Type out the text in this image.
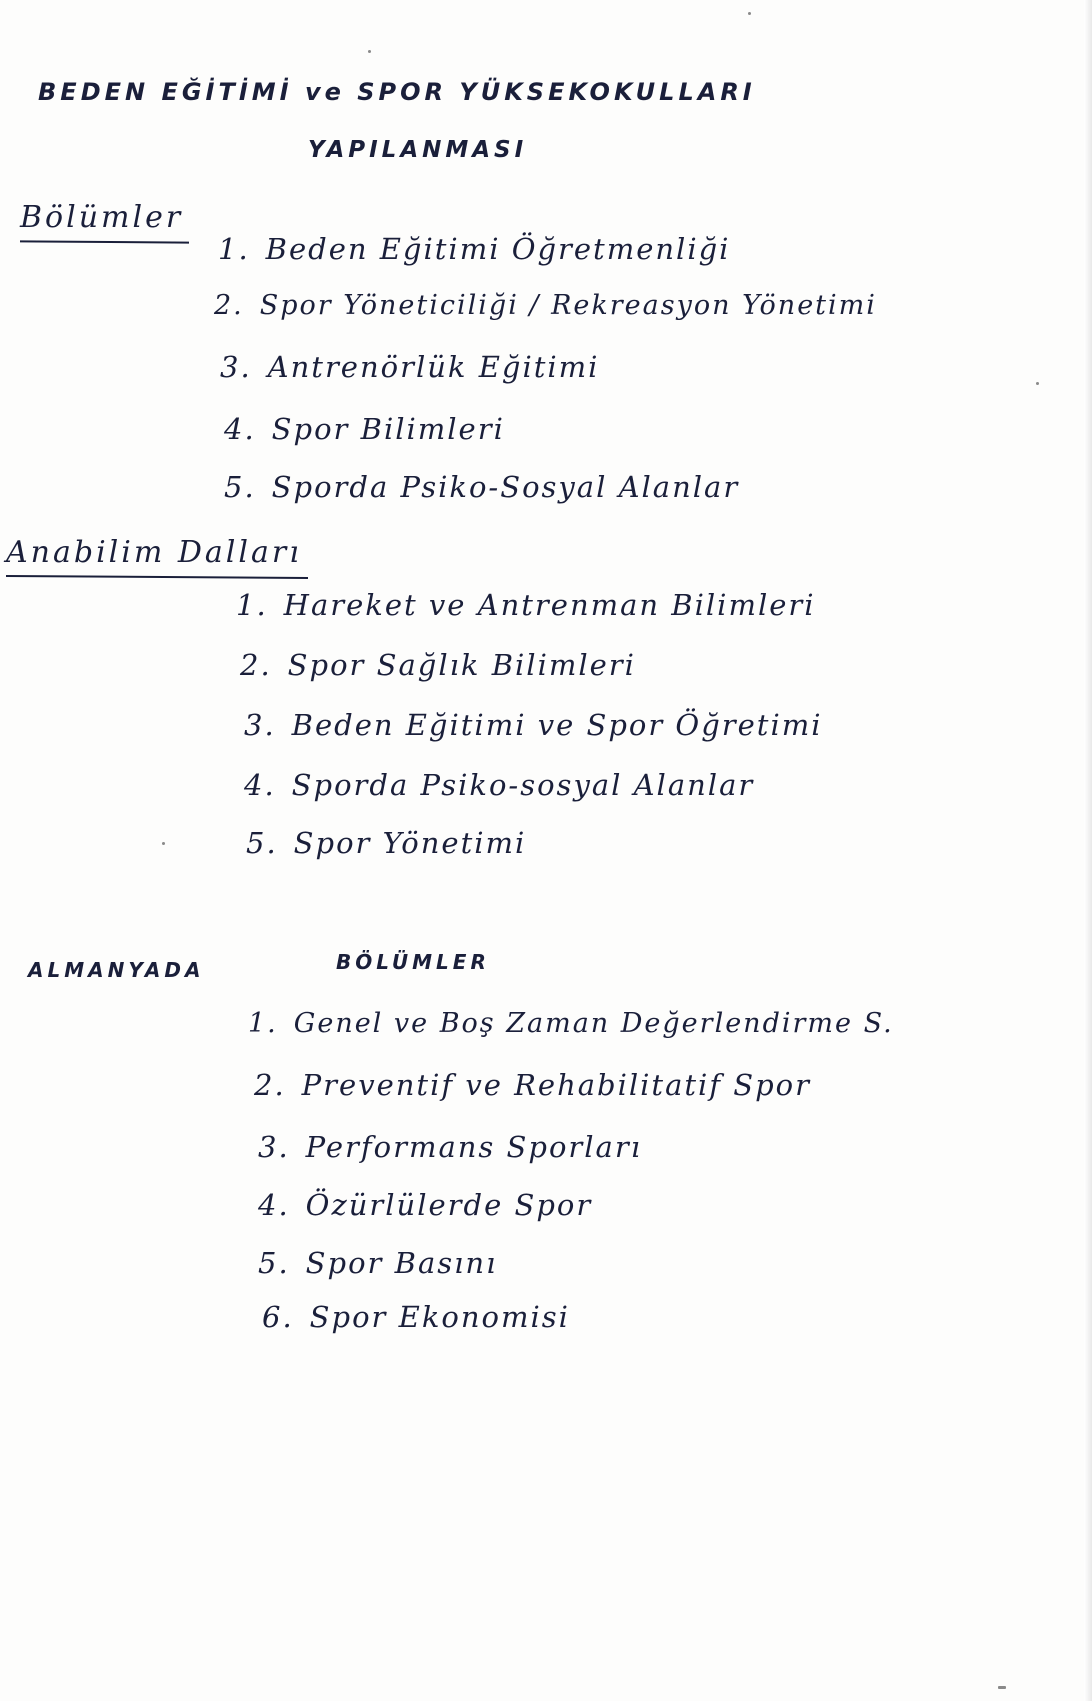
BEDEN EĞİTİMİ ve SPOR YÜKSEKOKULLARI
YAPILANMASI
Bölümler
1. Beden Eğitimi Öğretmenliği
2. Spor Yöneticiliği / Rekreasyon Yönetimi
3. Antrenörlük Eğitimi
4. Spor Bilimleri
5. Sporda Psiko-Sosyal Alanlar
Anabilim Dalları
1. Hareket ve Antrenman Bilimleri
2. Spor Sağlık Bilimleri
3. Beden Eğitimi ve Spor Öğretimi
4. Sporda Psiko-sosyal Alanlar
5. Spor Yönetimi
ALMANYADA	BÖLÜMLER
1. Genel ve Boş Zaman Değerlendirme S.
2. Preventif ve Rehabilitatif Spor
3. Performans Sporları
4. Özürlülerde Spor
5. Spor Basını
6. Spor Ekonomisi
